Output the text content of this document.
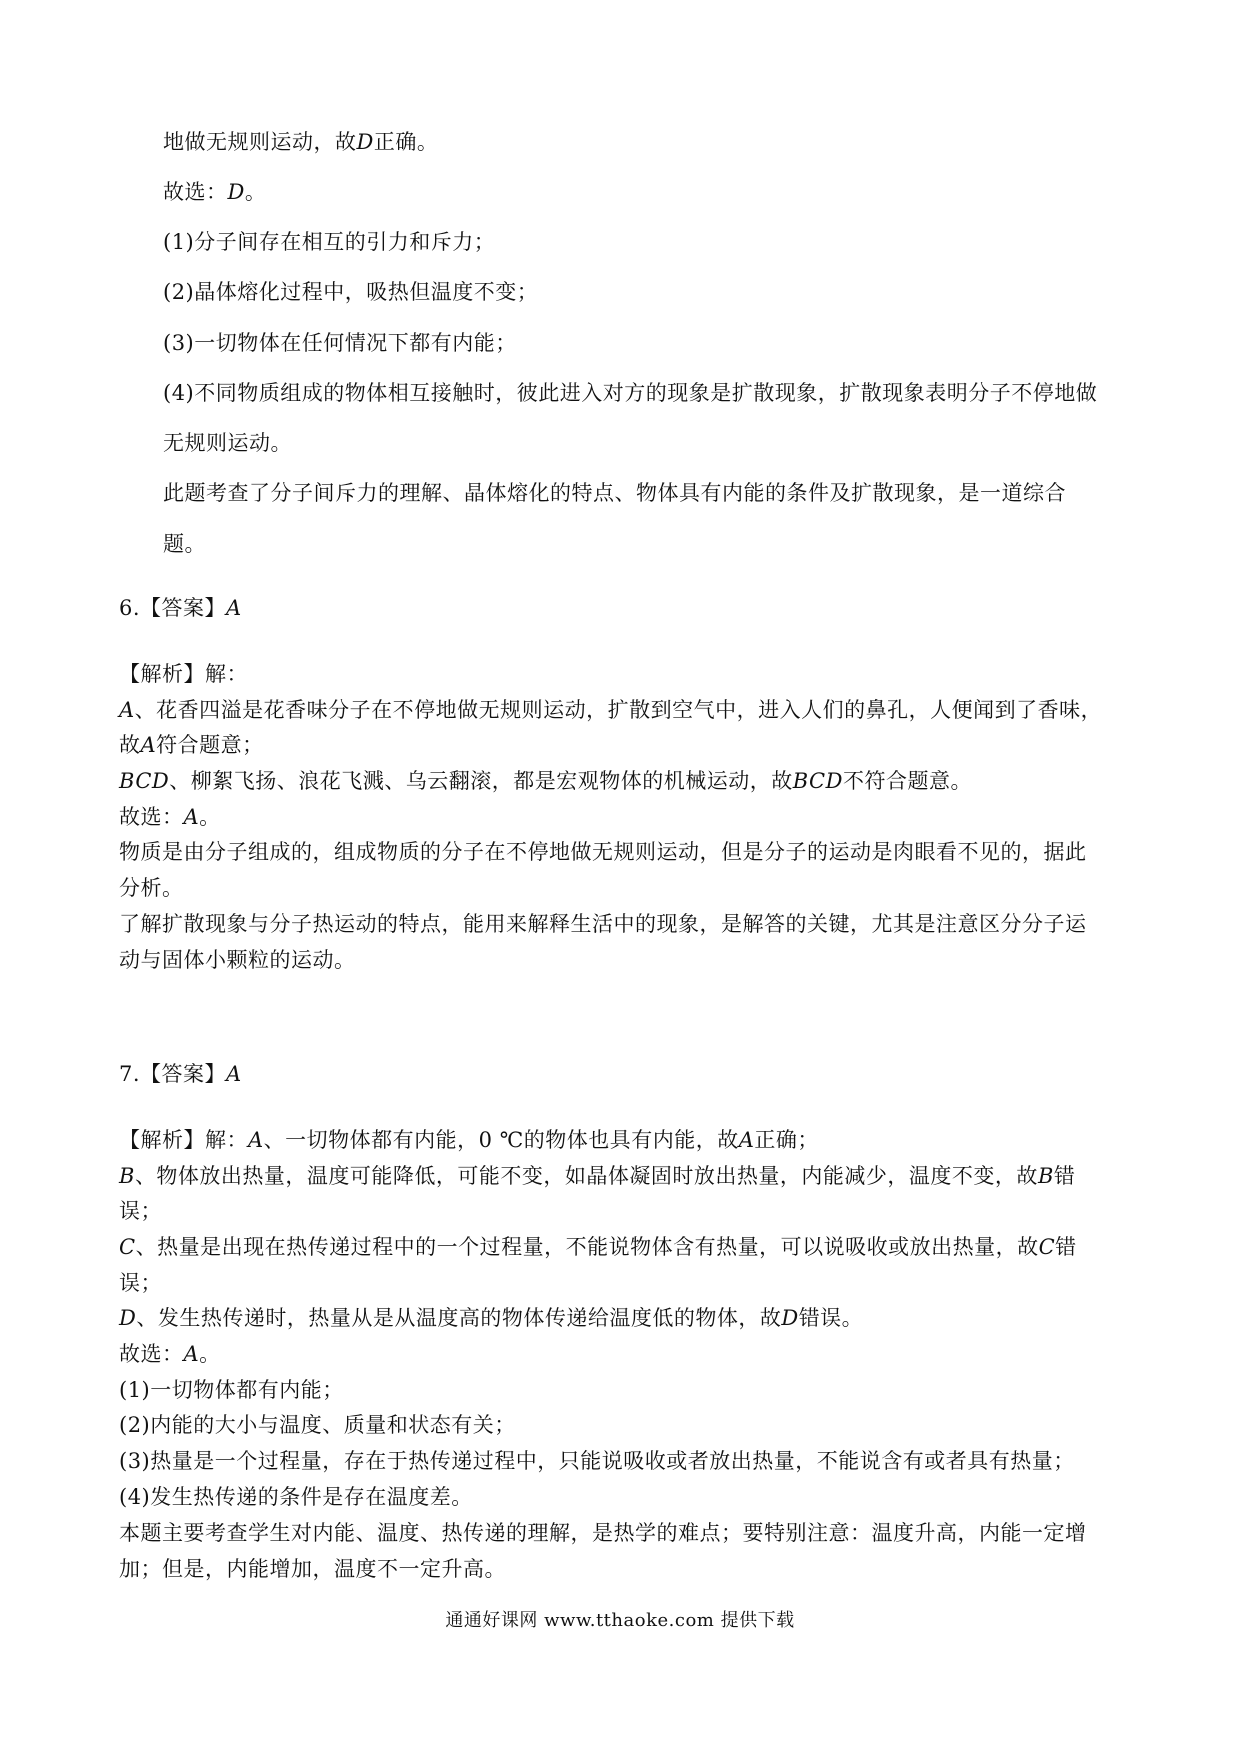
地做无规则运动，故D正确。
故选：D。
(1)分子间存在相互的引力和斥力；
(2)晶体熔化过程中，吸热但温度不变；
(3)一切物体在任何情况下都有内能；
(4)不同物质组成的物体相互接触时，彼此进入对方的现象是扩散现象，扩散现象表明分子不停地做
无规则运动。
此题考查了分子间斥力的理解、晶体熔化的特点、物体具有内能的条件及扩散现象，是一道综合
题。
6.【答案】A
【解析】解：
A、花香四溢是花香味分子在不停地做无规则运动，扩散到空气中，进入人们的鼻孔，人便闻到了香味，
故A符合题意；
BCD、柳絮飞扬、浪花飞溅、乌云翻滚，都是宏观物体的机械运动，故BCD不符合题意。
故选：A。
物质是由分子组成的，组成物质的分子在不停地做无规则运动，但是分子的运动是肉眼看不见的，据此
分析。
了解扩散现象与分子热运动的特点，能用来解释生活中的现象，是解答的关键，尤其是注意区分分子运
动与固体小颗粒的运动。
7.【答案】A
【解析】解：A、一切物体都有内能，0 ℃的物体也具有内能，故A正确；
B、物体放出热量，温度可能降低，可能不变，如晶体凝固时放出热量，内能减少，温度不变，故B错
误；
C、热量是出现在热传递过程中的一个过程量，不能说物体含有热量，可以说吸收或放出热量，故C错
误；
D、发生热传递时，热量从是从温度高的物体传递给温度低的物体，故D错误。
故选：A。
(1)一切物体都有内能；
(2)内能的大小与温度、质量和状态有关；
(3)热量是一个过程量，存在于热传递过程中，只能说吸收或者放出热量，不能说含有或者具有热量；
(4)发生热传递的条件是存在温度差。
本题主要考查学生对内能、温度、热传递的理解，是热学的难点；要特别注意：温度升高，内能一定增
加；但是，内能增加，温度不一定升高。
通通好课网 www.tthaoke.com 提供下载
